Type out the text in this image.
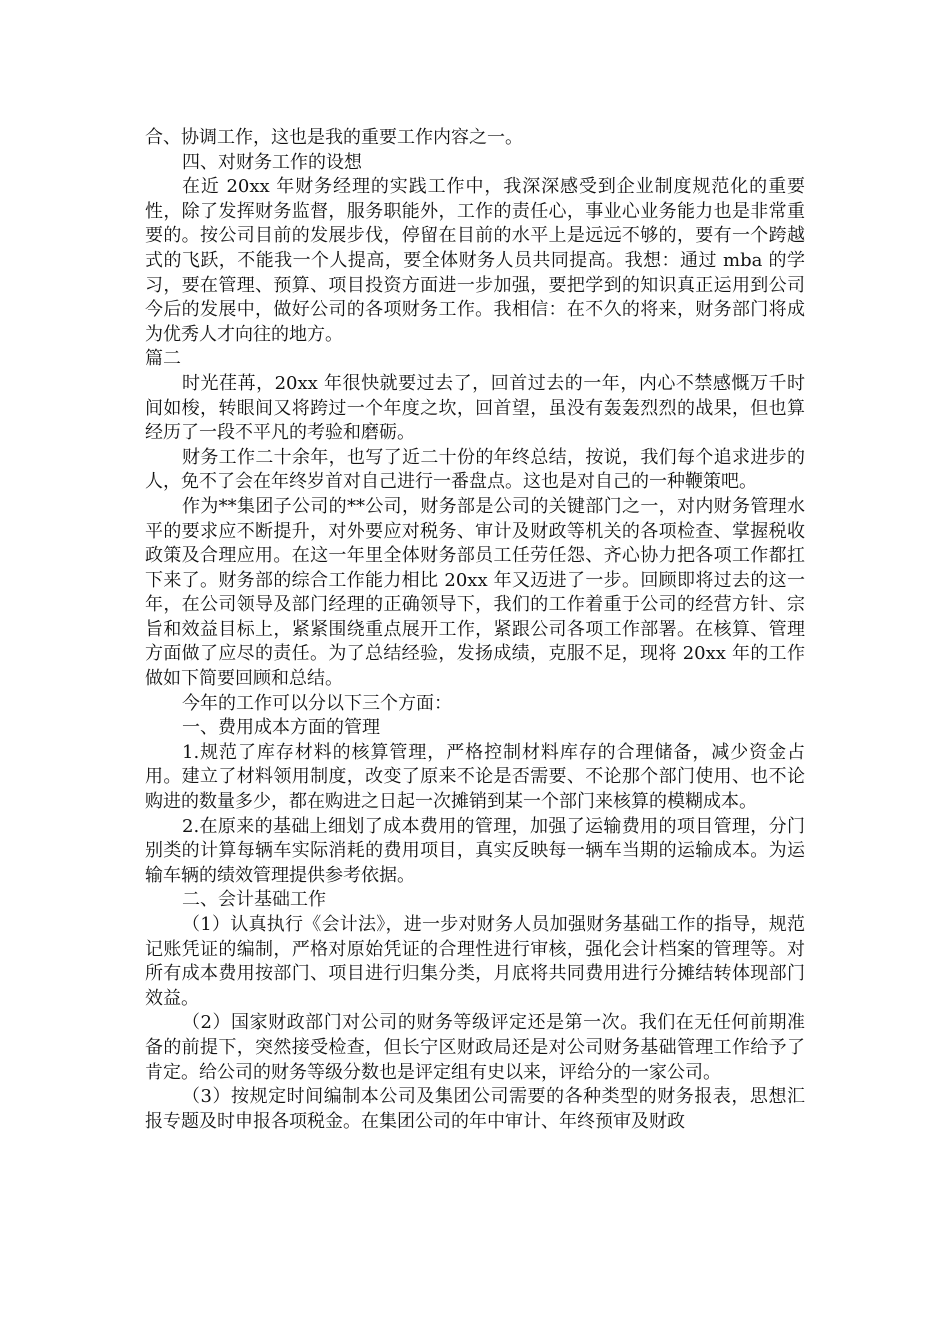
合、协调工作，这也是我的重要工作内容之一。

四、对财务工作的设想

在近 20xx 年财务经理的实践工作中，我深深感受到企业制度规范化的重要性，除了发挥财务监督，服务职能外，工作的责任心，事业心业务能力也是非常重要的。按公司目前的发展步伐，停留在目前的水平上是远远不够的，要有一个跨越式的飞跃，不能我一个人提高，要全体财务人员共同提高。我想：通过 mba 的学习，要在管理、预算、项目投资方面进一步加强，要把学到的知识真正运用到公司今后的发展中，做好公司的各项财务工作。我相信：在不久的将来，财务部门将成为优秀人才向往的地方。

篇二

时光荏苒，20xx 年很快就要过去了，回首过去的一年，内心不禁感慨万千时间如梭，转眼间又将跨过一个年度之坎，回首望，虽没有轰轰烈烈的战果，但也算经历了一段不平凡的考验和磨砺。

财务工作二十余年，也写了近二十份的年终总结，按说，我们每个追求进步的人，免不了会在年终岁首对自己进行一番盘点。这也是对自己的一种鞭策吧。

作为**集团子公司的**公司，财务部是公司的关键部门之一，对内财务管理水平的要求应不断提升，对外要应对税务、审计及财政等机关的各项检查、掌握税收政策及合理应用。在这一年里全体财务部员工任劳任怨、齐心协力把各项工作都扛下来了。财务部的综合工作能力相比 20xx 年又迈进了一步。回顾即将过去的这一年，在公司领导及部门经理的正确领导下，我们的工作着重于公司的经营方针、宗旨和效益目标上，紧紧围绕重点展开工作，紧跟公司各项工作部署。在核算、管理方面做了应尽的责任。为了总结经验，发扬成绩，克服不足，现将 20xx 年的工作做如下简要回顾和总结。

今年的工作可以分以下三个方面：

一、费用成本方面的管理

1.规范了库存材料的核算管理，严格控制材料库存的合理储备，减少资金占用。建立了材料领用制度，改变了原来不论是否需要、不论那个部门使用、也不论购进的数量多少，都在购进之日起一次摊销到某一个部门来核算的模糊成本。

2.在原来的基础上细划了成本费用的管理，加强了运输费用的项目管理，分门别类的计算每辆车实际消耗的费用项目，真实反映每一辆车当期的运输成本。为运输车辆的绩效管理提供参考依据。

二、会计基础工作

（1）认真执行《会计法》，进一步对财务人员加强财务基础工作的指导，规范记账凭证的编制，严格对原始凭证的合理性进行审核，强化会计档案的管理等。对所有成本费用按部门、项目进行归集分类，月底将共同费用进行分摊结转体现部门效益。

（2）国家财政部门对公司的财务等级评定还是第一次。我们在无任何前期准备的前提下，突然接受检查，但长宁区财政局还是对公司财务基础管理工作给予了肯定。给公司的财务等级分数也是评定组有史以来，评给分的一家公司。

（3）按规定时间编制本公司及集团公司需要的各种类型的财务报表，思想汇报专题及时申报各项税金。在集团公司的年中审计、年终预审及财政
